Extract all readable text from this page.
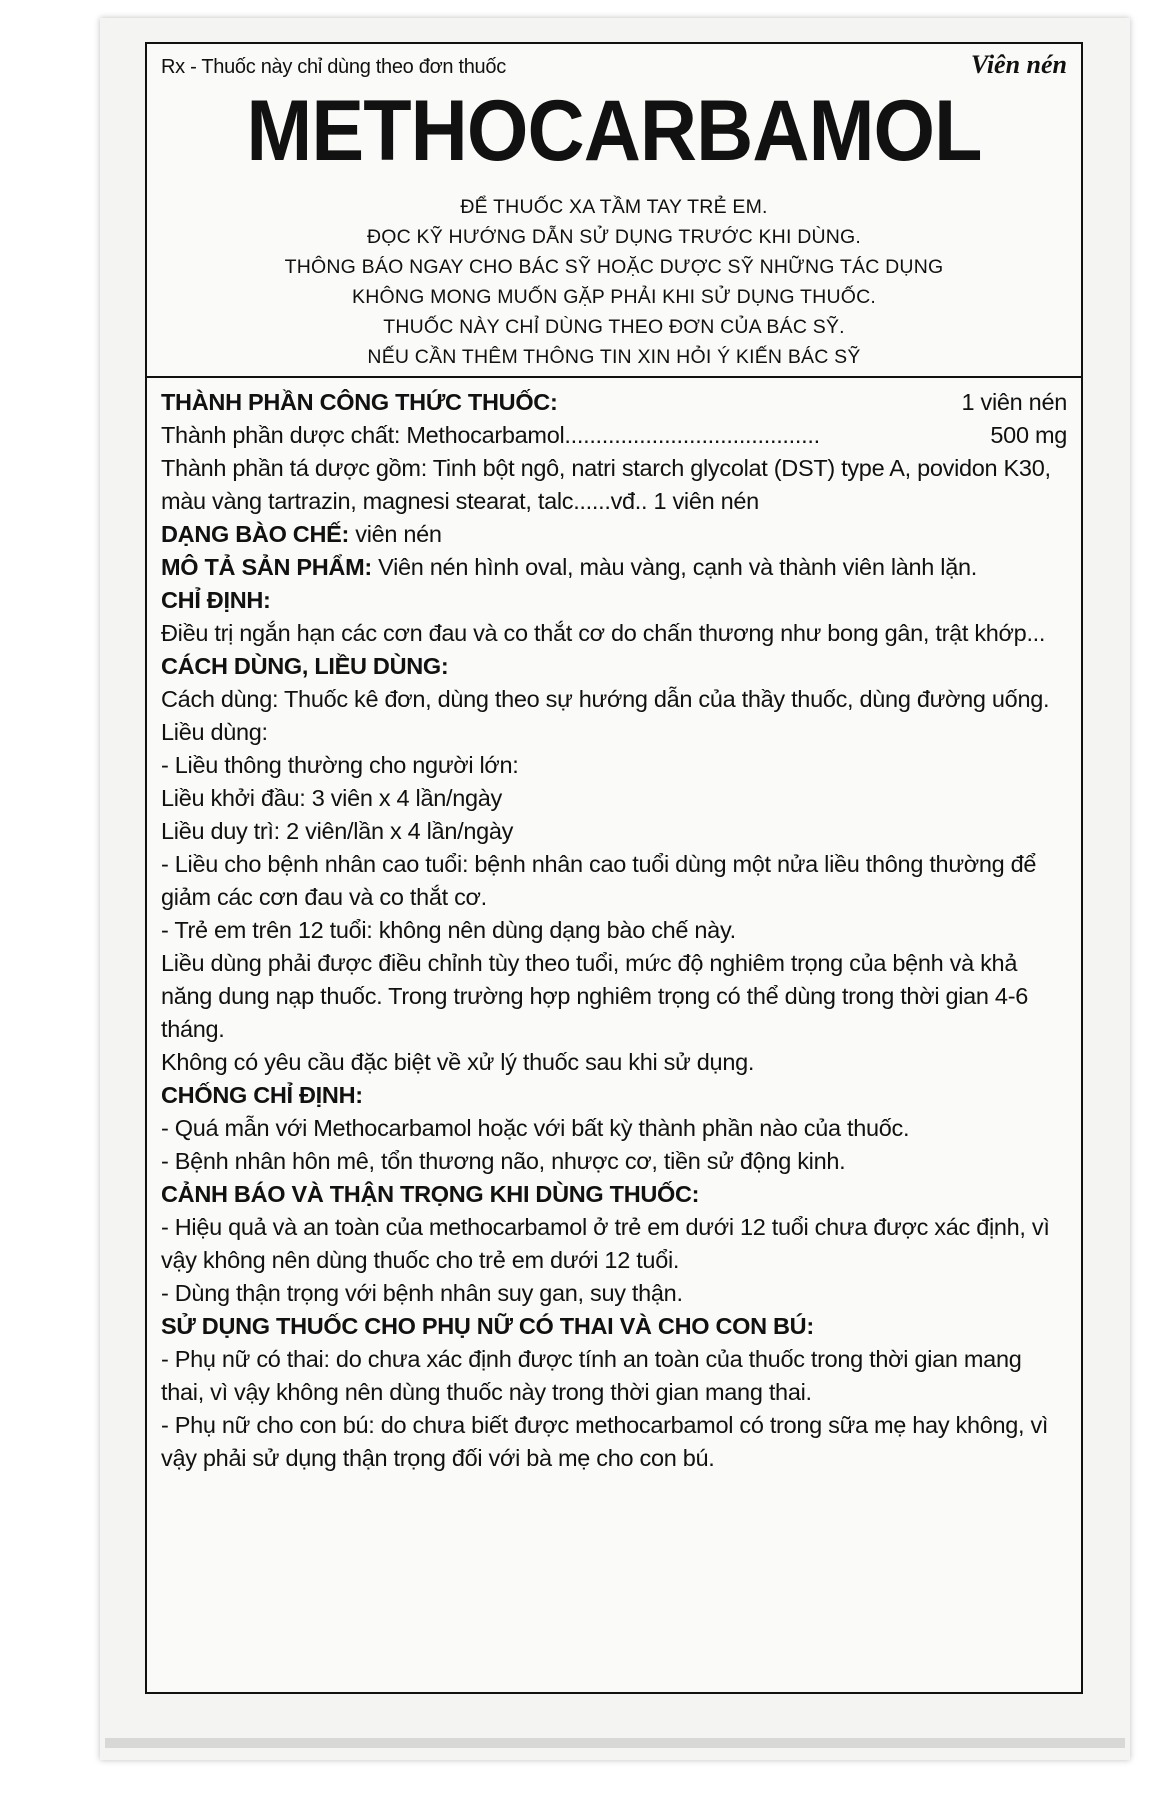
Rx - Thuốc này chỉ dùng theo đơn thuốc	Viên nén
METHOCARBAMOL
ĐỂ THUỐC XA TẦM TAY TRẺ EM.
ĐỌC KỸ HƯỚNG DẪN SỬ DỤNG TRƯỚC KHI DÙNG.
THÔNG BÁO NGAY CHO BÁC SỸ HOẶC DƯỢC SỸ NHỮNG TÁC DỤNG
KHÔNG MONG MUỐN GẶP PHẢI KHI SỬ DỤNG THUỐC.
THUỐC NÀY CHỈ DÙNG THEO ĐƠN CỦA BÁC SỸ.
NẾU CẦN THÊM THÔNG TIN XIN HỎI Ý KIẾN BÁC SỸ
THÀNH PHẦN CÔNG THỨC THUỐC:	1 viên nén
Thành phần dược chất: Methocarbamol.........................................	500 mg

Thành phần tá dược gồm: Tinh bột ngô, natri starch glycolat (DST) type A, povidon K30, màu vàng tartrazin, magnesi stearat, talc......vđ.. 1 viên nén

DẠNG BÀO CHẾ: viên nén

MÔ TẢ SẢN PHẨM: Viên nén hình oval, màu vàng, cạnh và thành viên lành lặn.

CHỈ ĐỊNH:

Điều trị ngắn hạn các cơn đau và co thắt cơ do chấn thương như bong gân, trật khớp...

CÁCH DÙNG, LIỀU DÙNG:

Cách dùng: Thuốc kê đơn, dùng theo sự hướng dẫn của thầy thuốc, dùng đường uống.

Liều dùng:

- Liều thông thường cho người lớn:

Liều khởi đầu: 3 viên x 4 lần/ngày

Liều duy trì: 2 viên/lần x 4 lần/ngày

- Liều cho bệnh nhân cao tuổi: bệnh nhân cao tuổi dùng một nửa liều thông thường để giảm các cơn đau và co thắt cơ.

- Trẻ em trên 12 tuổi: không nên dùng dạng bào chế này.

Liều dùng phải được điều chỉnh tùy theo tuổi, mức độ nghiêm trọng của bệnh và khả năng dung nạp thuốc. Trong trường hợp nghiêm trọng có thể dùng trong thời gian 4-6 tháng.

Không có yêu cầu đặc biệt về xử lý thuốc sau khi sử dụng.

CHỐNG CHỈ ĐỊNH:

- Quá mẫn với Methocarbamol hoặc với bất kỳ thành phần nào của thuốc.

- Bệnh nhân hôn mê, tổn thương não, nhược cơ, tiền sử động kinh.

CẢNH BÁO VÀ THẬN TRỌNG KHI DÙNG THUỐC:

- Hiệu quả và an toàn của methocarbamol ở trẻ em dưới 12 tuổi chưa được xác định, vì vậy không nên dùng thuốc cho trẻ em dưới 12 tuổi.

- Dùng thận trọng với bệnh nhân suy gan, suy thận.

SỬ DỤNG THUỐC CHO PHỤ NỮ CÓ THAI VÀ CHO CON BÚ:

- Phụ nữ có thai: do chưa xác định được tính an toàn của thuốc trong thời gian mang thai, vì vậy không nên dùng thuốc này trong thời gian mang thai.

- Phụ nữ cho con bú: do chưa biết được methocarbamol có trong sữa mẹ hay không, vì vậy phải sử dụng thận trọng đối với bà mẹ cho con bú.
